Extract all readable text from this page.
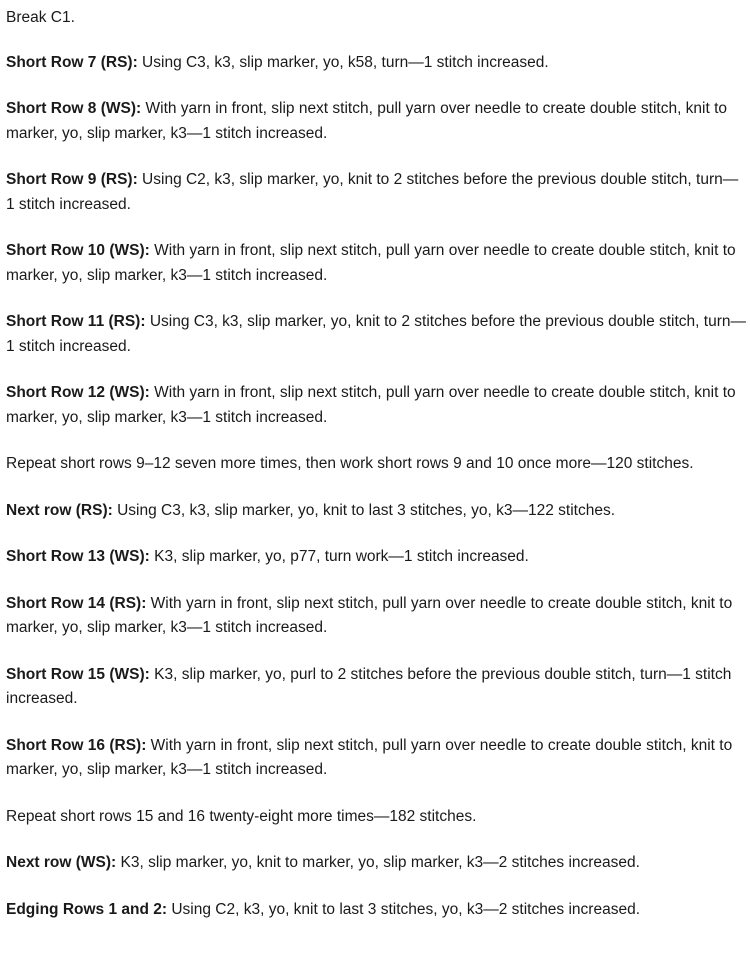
Break C1.

Short Row 7 (RS): Using C3, k3, slip marker, yo, k58, turn—1 stitch increased.

Short Row 8 (WS): With yarn in front, slip next stitch, pull yarn over needle to create double stitch, knit to marker, yo, slip marker, k3—1 stitch increased.

Short Row 9 (RS): Using C2, k3, slip marker, yo, knit to 2 stitches before the previous double stitch, turn—1 stitch increased.

Short Row 10 (WS): With yarn in front, slip next stitch, pull yarn over needle to create double stitch, knit to marker, yo, slip marker, k3—1 stitch increased.

Short Row 11 (RS): Using C3, k3, slip marker, yo, knit to 2 stitches before the previous double stitch, turn—1 stitch increased.

Short Row 12 (WS): With yarn in front, slip next stitch, pull yarn over needle to create double stitch, knit to marker, yo, slip marker, k3—1 stitch increased.

Repeat short rows 9–12 seven more times, then work short rows 9 and 10 once more—120 stitches.

Next row (RS): Using C3, k3, slip marker, yo, knit to last 3 stitches, yo, k3—122 stitches.

Short Row 13 (WS): K3, slip marker, yo, p77, turn work—1 stitch increased.

Short Row 14 (RS): With yarn in front, slip next stitch, pull yarn over needle to create double stitch, knit to marker, yo, slip marker, k3—1 stitch increased.

Short Row 15 (WS): K3, slip marker, yo, purl to 2 stitches before the previous double stitch, turn—1 stitch increased.

Short Row 16 (RS): With yarn in front, slip next stitch, pull yarn over needle to create double stitch, knit to marker, yo, slip marker, k3—1 stitch increased.

Repeat short rows 15 and 16 twenty-eight more times—182 stitches.

Next row (WS): K3, slip marker, yo, knit to marker, yo, slip marker, k3—2 stitches increased.

Edging Rows 1 and 2: Using C2, k3, yo, knit to last 3 stitches, yo, k3—2 stitches increased.
